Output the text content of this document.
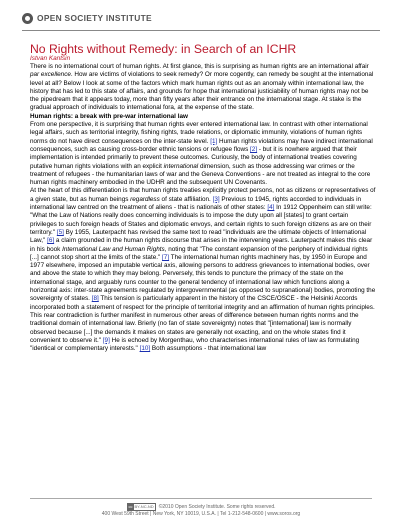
OPEN SOCIETY INSTITUTE
No Rights without Remedy: in Search of an ICHR
Istvan Kantsin

There is no international court of human rights. At first glance, this is surprising as human rights are an international affair par excellence. How are victims of violations to seek remedy? Or more cogently, can remedy be sought at the international level at all? Below I look at some of the factors which mark human rights out as an anomaly within international law, the history that has led to this state of affairs, and grounds for hope that international justiciability of human rights may not be the pipedream that it appears today, more than fifty years after their entrance on the international stage. At stake is the gradual approach of individuals to international fora, at the expense of the state.

Human rights: a break with pre-war international law

From one perspective, it is surprising that human rights ever entered international law. In contrast with other international legal affairs, such as territorial integrity, fishing rights, trade relations, or diplomatic immunity, violations of human rights norms do not have direct consequences on the inter-state level. [1] Human rights violations may have indirect international consequences, such as causing cross-border ethnic tensions or refugee flows [2] - but it is nowhere argued that their implementation is intended primarily to prevent these outcomes. Curiously, the body of international treaties covering putative human rights violations with an explicit international dimension, such as those addressing war crimes or the treatment of refugees - the humanitarian laws of war and the Geneva Conventions - are not treated as integral to the core human rights machinery embodied in the UDHR and the subsequent UN Covenants.

At the heart of this differentiation is that human rights treaties explicitly protect persons, not as citizens or representatives of a given state, but as human beings regardless of state affiliation. [3] Previous to 1945, rights accorded to individuals in international law centred on the treatment of aliens - that is nationals of other states: [4] In 1912 Oppenheim can still write: "What the Law of Nations really does concerning individuals is to impose the duty upon all [states] to grant certain privileges to such foreign heads of States and diplomatic envoys, and certain rights to such foreign citizens as are on their territory." [5] By 1955, Lauterpacht has revised the same text to read "individuals are the ultimate objects of International Law," [6] a claim grounded in the human rights discourse that arises in the intervening years. Lauterpacht makes this clear in his book International Law and Human Rights, noting that "The constant expansion of the periphery of individual rights [...] cannot stop short at the limits of the state." [7] The international human rights machinery has, by 1950 in Europe and 1977 elsewhere, imposed an imputable vertical axis, allowing persons to address grievances to international bodies, over and above the state to which they may belong. Perversely, this tends to puncture the primacy of the state on the international stage, and arguably runs counter to the general tendency of international law which functions along a horizontal axis: inter-state agreements regulated by intergovernmental (as opposed to supranational) bodies, promoting the sovereignty of states. [8] This tension is particularly apparent in the history of the CSCE/OSCE - the Helsinki Accords incorporated both a statement of respect for the principle of territorial integrity and an affirmation of human rights principles.

This rear contradiction is further manifest in numerous other areas of difference between human rights norms and the traditional domain of international law. Brierly (no fan of state sovereignty) notes that "[international] law is normally observed because [...] the demands it makes on states are generally not exacting, and on the whole states find it convenient to observe it." [9] He is echoed by Morgenthau, who characterises international rules of law as formulating "identical or complementary interests." [10] Both assumptions - that international law

cc BY-NC-ND ©2010 Open Society Institute. Some rights reserved.
400 West 59th Street | New York, NY 10019, U.S.A. | Tel 1-212-548-0600 | www.soros.org
